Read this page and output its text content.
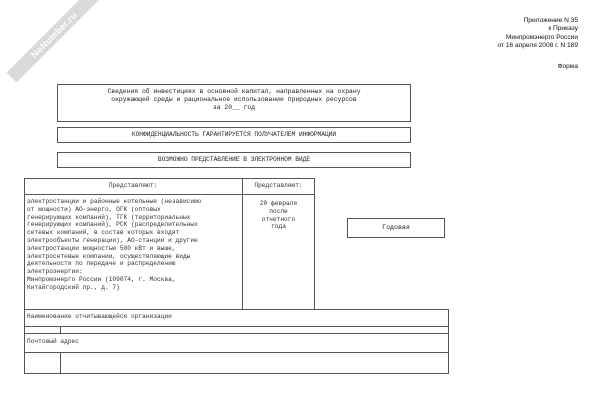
NoNumber.ru	Приложение N 35
к Приказу
Минпромэнерго России
от 16 апреля 2008 г. N 189
Форма
Сведения об инвестициях в основной капитал, направленных на охрану
окружающей среды и рациональное использование природных ресурсов
за 20__ год
КОНФИДЕНЦИАЛЬНОСТЬ ГАРАНТИРУЕТСЯ ПОЛУЧАТЕЛЕМ ИНФОРМАЦИИ
ВОЗМОЖНО ПРЕДСТАВЛЕНИЕ В ЭЛЕКТРОННОМ ВИДЕ
Представляют:	Представляют:
электростанции и районные котельные (независимо
от мощности) АО-энерго, ОГК (оптовых
генерирующих компаний), ТГК (территориальных
генерирующих компаний), РСК (распределительных
сетевых компаний, в состав которых входят
электрообъекты генерации), АО-станции и другие
электростанции мощностью 500 кВт и выше,
электросетевые компании, осуществляющие виды
деятельности по передаче и распределению
электроэнергии:
Минпромэнерго России (109074, г. Москва,
Китайгородский пр., д. 7)
20 февраля
после
отчетного
года
Наименование отчитывающейся организации
Почтовый адрес
Годовая
